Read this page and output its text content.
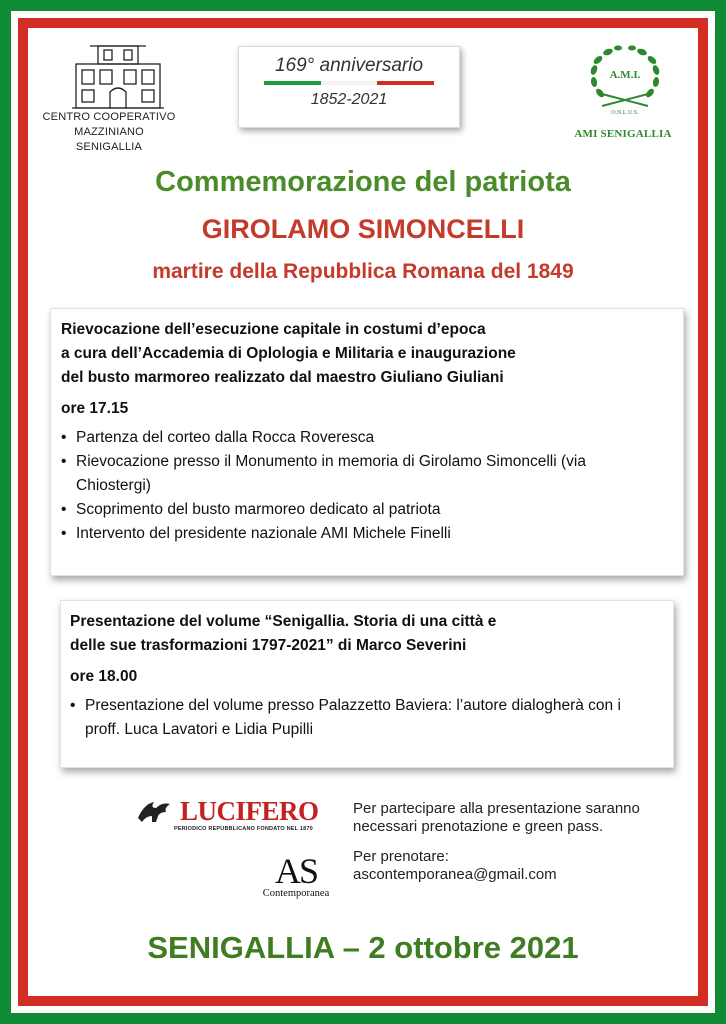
CENTRO COOPERATIVO
MAZZINIANO
SENIGALLIA
169° anniversario
1852-2021
A.M.I.
O.N.L.U.S.
AMI SENIGALLIA
Commemorazione del patriota
GIROLAMO SIMONCELLI
martire della Repubblica Romana del 1849
Rievocazione dell’esecuzione capitale in costumi d’epoca
a cura dell’Accademia di Oplologia e Militaria e inaugurazione
del busto marmoreo realizzato dal maestro Giuliano Giuliani
ore 17.15
• Partenza del corteo dalla Rocca Roveresca
• Rievocazione presso il Monumento in memoria di Girolamo Simoncelli (via Chiostergi)
• Scoprimento del busto marmoreo dedicato al patriota
• Intervento del presidente nazionale AMI Michele Finelli
Presentazione del volume “Senigallia. Storia di una città e
delle sue trasformazioni 1797-2021” di Marco Severini
ore 18.00
• Presentazione del volume presso Palazzetto Baviera: l’autore dialogherà con i proff. Luca Lavatori e Lidia Pupilli
LUCIFERO
PERIODICO REPUBBLICANO FONDATO NEL 1870
AS
Contemporanea

Per partecipare alla presentazione saranno necessari prenotazione e green pass.

Per prenotare:
ascontemporanea@gmail.com
SENIGALLIA – 2 ottobre 2021
